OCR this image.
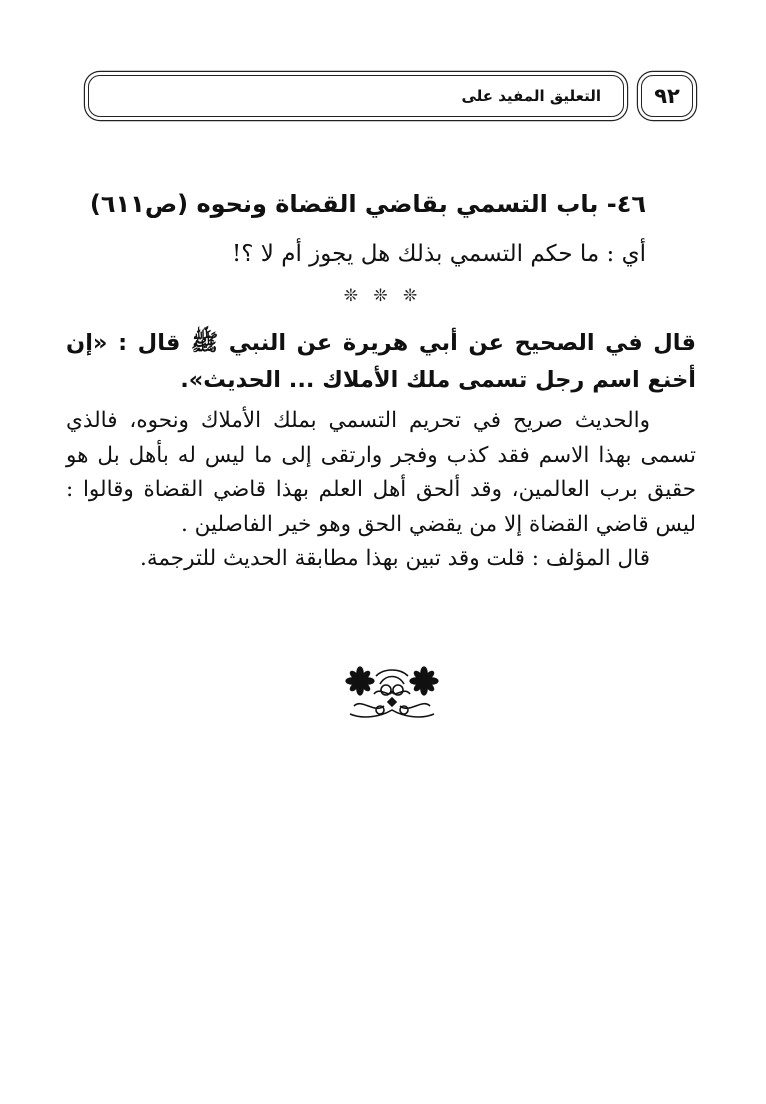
٩٢
التعليق المفيد على
٤٦- باب التسمي بقاضي القضاة ونحوه (ص٦١١)
أي : ما حكم التسمي بذلك هل يجوز أم لا ؟!
❊ ❊ ❊
قال في الصحيح عن أبي هريرة عن النبي ﷺ قال : «إن أخنع اسم رجل تسمى ملك الأملاك ... الحديث».

والحديث صريح في تحريم التسمي بملك الأملاك ونحوه، فالذي تسمى بهذا الاسم فقد كذب وفجر وارتقى إلى ما ليس له بأهل بل هو حقيق برب العالمين، وقد ألحق أهل العلم بهذا قاضي القضاة وقالوا : ليس قاضي القضاة إلا من يقضي الحق وهو خير الفاصلين .

قال المؤلف : قلت وقد تبين بهذا مطابقة الحديث للترجمة.
